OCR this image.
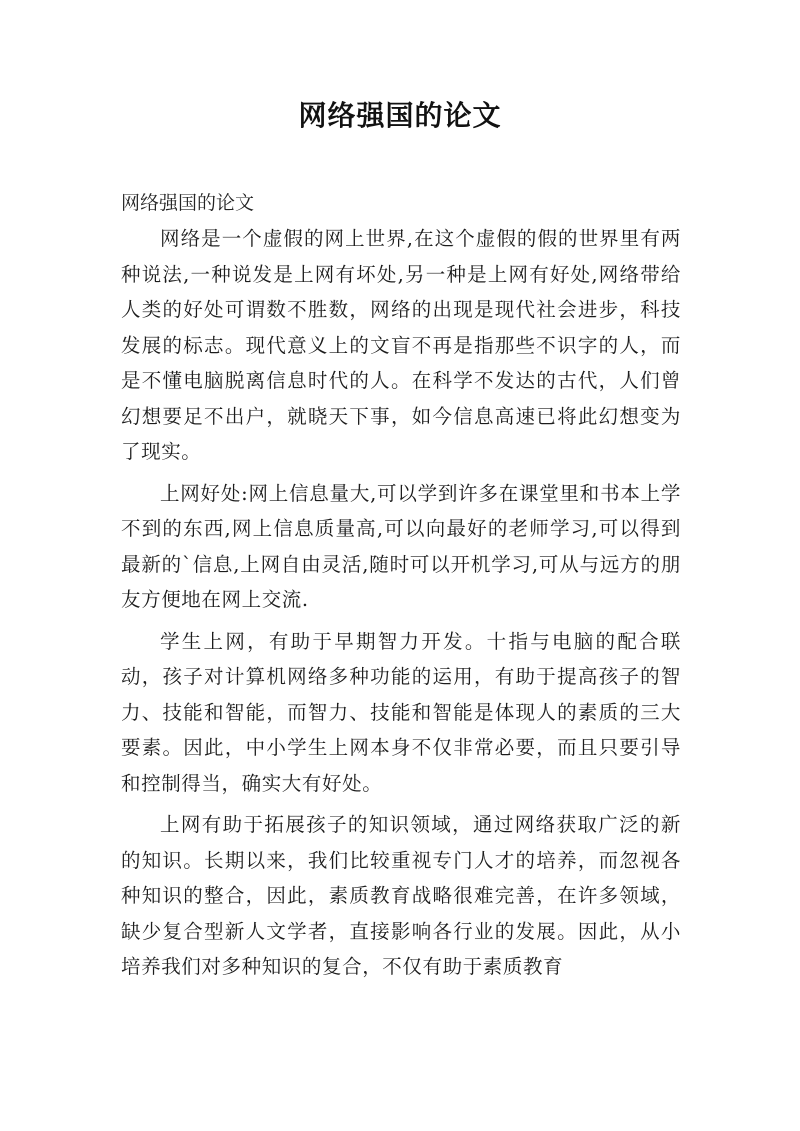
网络强国的论文

网络强国的论文

网络是一个虚假的网上世界,在这个虚假的假的世界里有两种说法,一种说发是上网有坏处,另一种是上网有好处,网络带给人类的好处可谓数不胜数，网络的出现是现代社会进步，科技发展的标志。现代意义上的文盲不再是指那些不识字的人，而是不懂电脑脱离信息时代的人。在科学不发达的古代，人们曾幻想要足不出户，就晓天下事，如今信息高速已将此幻想变为了现实。

上网好处:网上信息量大,可以学到许多在课堂里和书本上学不到的东西,网上信息质量高,可以向最好的老师学习,可以得到最新的`信息,上网自由灵活,随时可以开机学习,可从与远方的朋友方便地在网上交流.

学生上网，有助于早期智力开发。十指与电脑的配合联动，孩子对计算机网络多种功能的运用，有助于提高孩子的智力、技能和智能，而智力、技能和智能是体现人的素质的三大要素。因此，中小学生上网本身不仅非常必要，而且只要引导和控制得当，确实大有好处。

上网有助于拓展孩子的知识领域，通过网络获取广泛的新的知识。长期以来，我们比较重视专门人才的培养，而忽视各种知识的整合，因此，素质教育战略很难完善，在许多领域，缺少复合型新人文学者，直接影响各行业的发展。因此，从小培养我们对多种知识的复合，不仅有助于素质教育
